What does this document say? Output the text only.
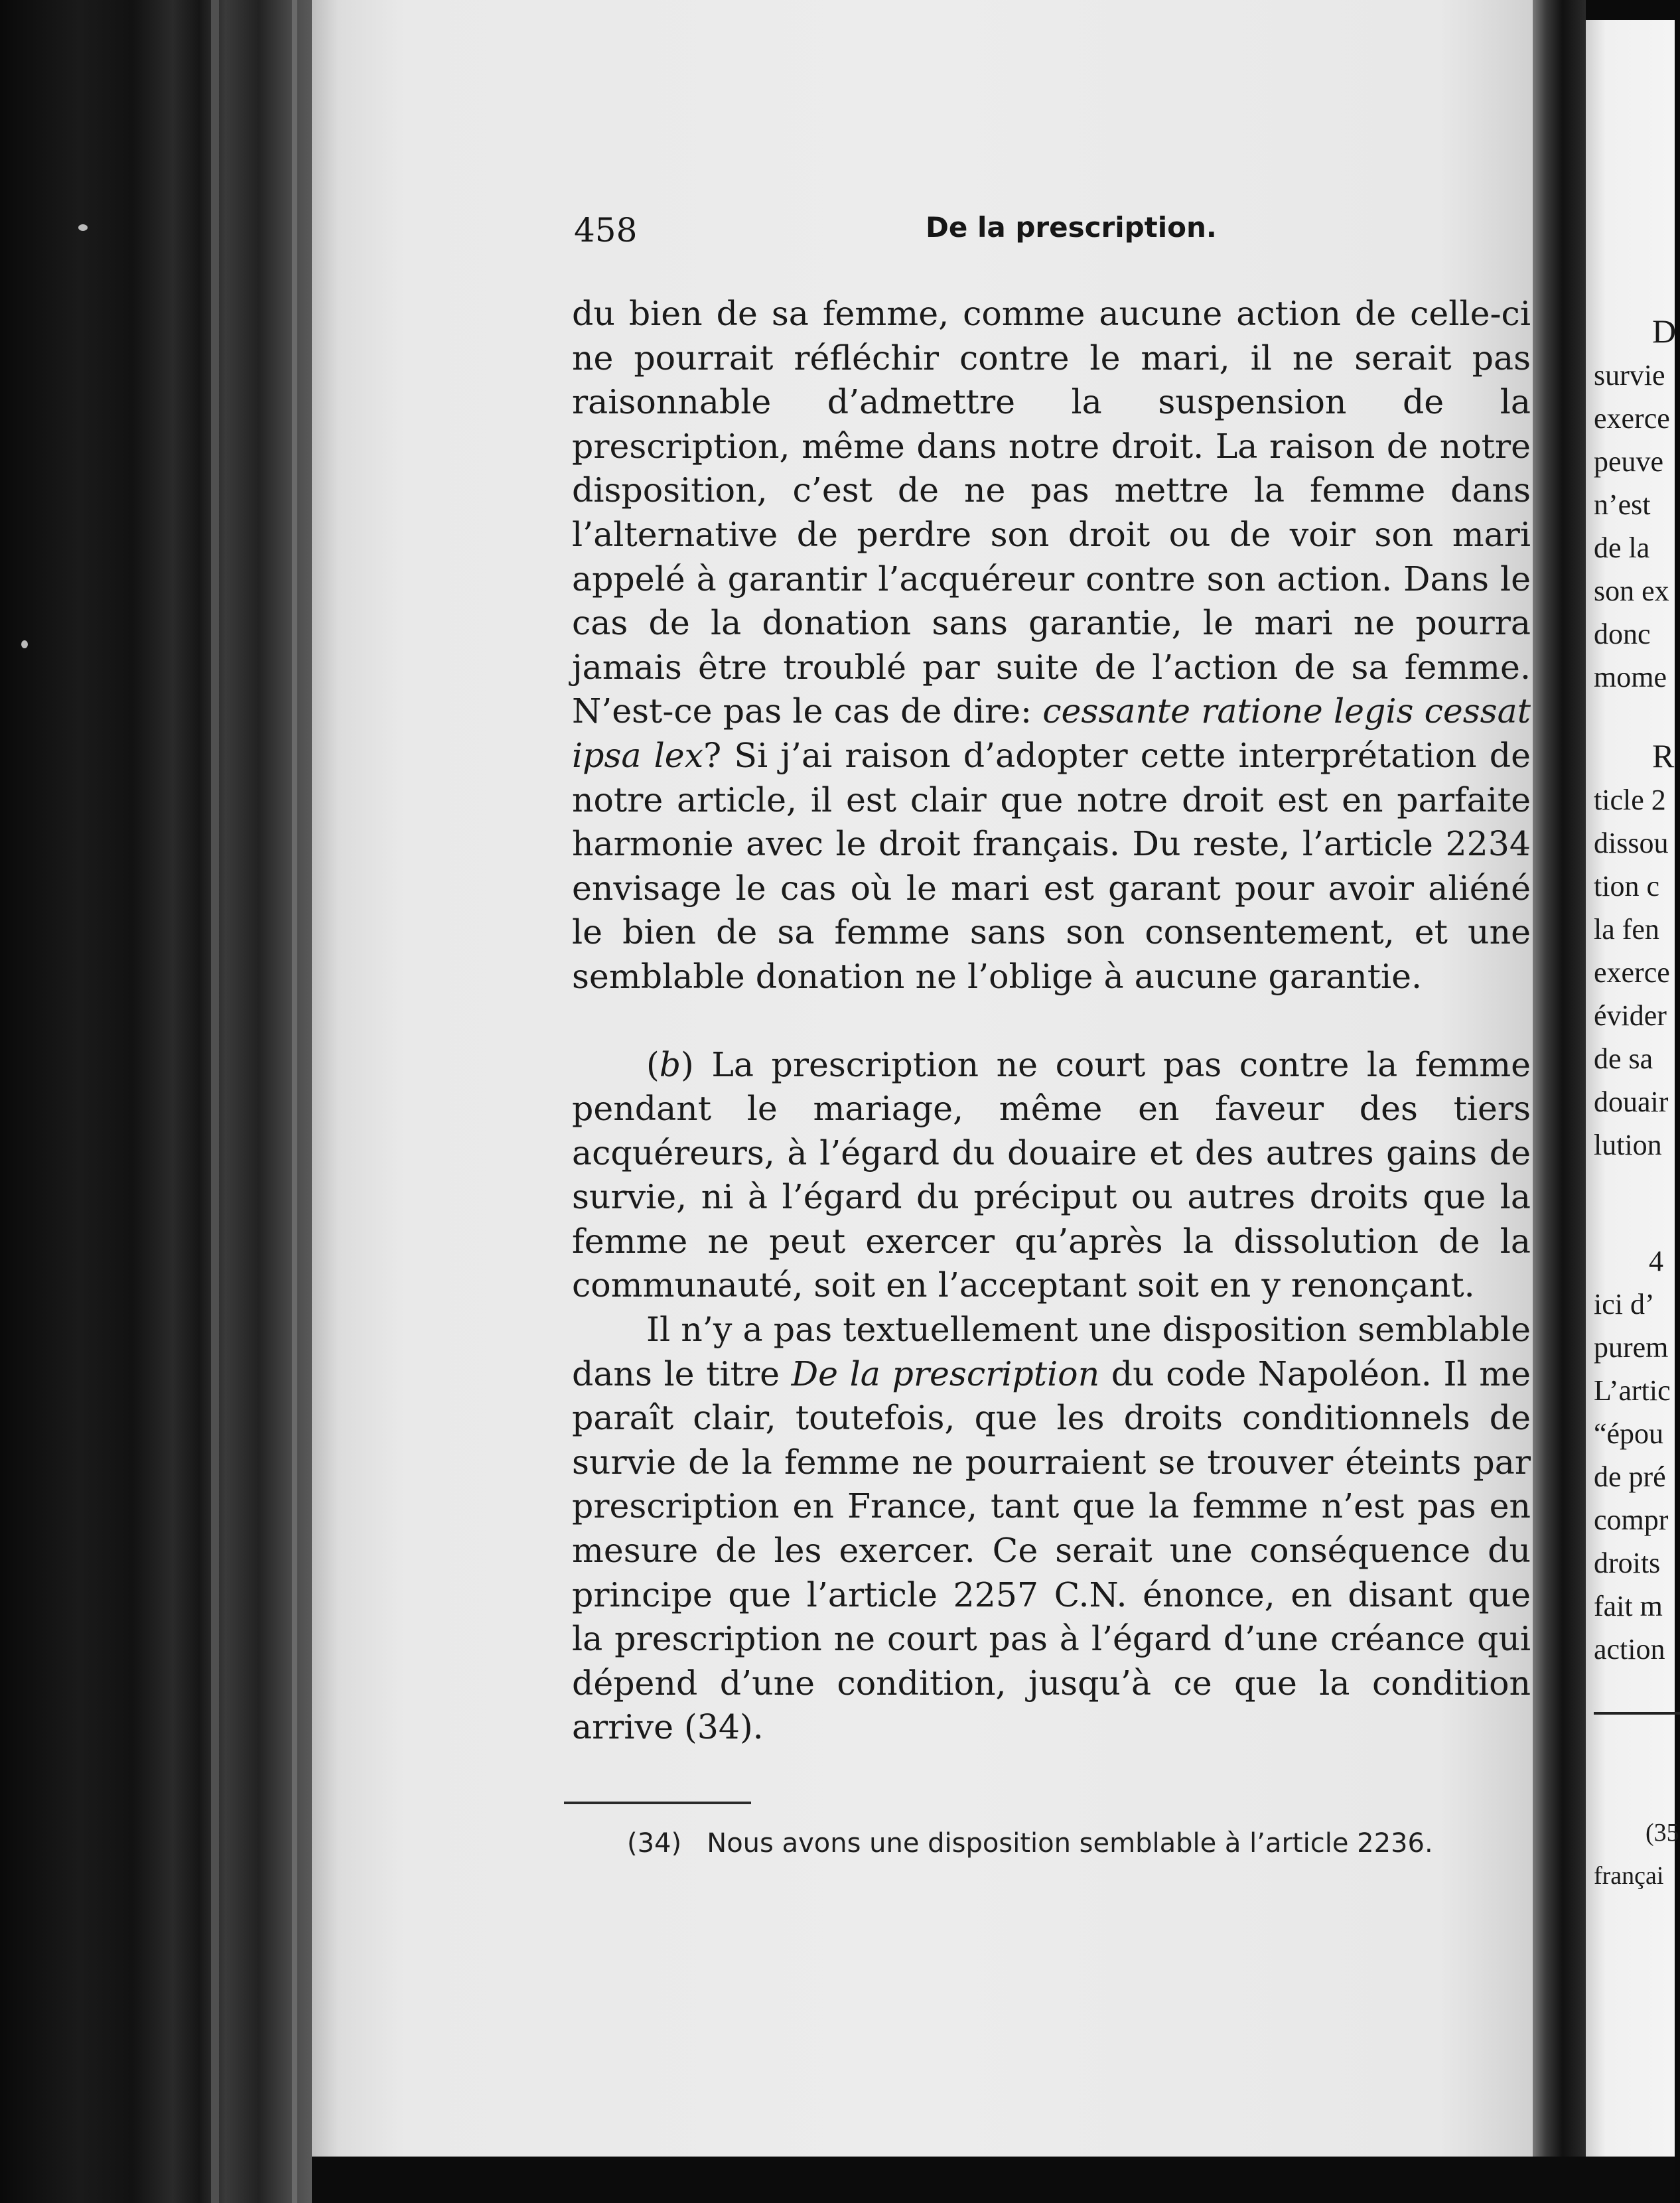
458	De la prescription.

du bien de sa femme, comme aucune action de celle-ci ne pourrait réfléchir contre le mari, il ne serait pas raisonnable d’admettre la suspension de la prescription, même dans notre droit. La raison de notre disposition, c’est de ne pas mettre la femme dans l’alternative de perdre son droit ou de voir son mari appelé à garantir l’acquéreur contre son action. Dans le cas de la donation sans garantie, le mari ne pourra jamais être troublé par suite de l’action de sa femme. N’est-ce pas le cas de dire: cessante ratione legis cessat ipsa lex? Si j’ai raison d’adopter cette interprétation de notre article, il est clair que notre droit est en parfaite harmonie avec le droit français. Du reste, l’article 2234 envisage le cas où le mari est garant pour avoir aliéné le bien de sa femme sans son consentement, et une semblable donation ne l’oblige à aucune garantie.

(b) La prescription ne court pas contre la femme pendant le mariage, même en faveur des tiers acquéreurs, à l’égard du douaire et des autres gains de survie, ni à l’égard du préciput ou autres droits que la femme ne peut exercer qu’après la dissolution de la communauté, soit en l’acceptant soit en y renonçant.

Il n’y a pas textuellement une disposition semblable dans le titre De la prescription du code Napoléon. Il me paraît clair, toutefois, que les droits conditionnels de survie de la femme ne pourraient se trouver éteints par prescription en France, tant que la femme n’est pas en mesure de les exercer. Ce serait une conséquence du principe que l’article 2257 C.N. énonce, en disant que la prescription ne court pas à l’égard d’une créance qui dépend d’une condition, jusqu’à ce que la condition arrive (34).

(34) Nous avons une disposition semblable à l’article 2236.
D
survie
exerce
peuve
n’est
de la
son ex
donc
mome
R
ticle 2
dissou
tion c
la fen
exerce
évider
de sa
douair
lution
4
ici d’
purem
L’artic
“épou
de pré
compr
droits
fait m
action
(35
françai
